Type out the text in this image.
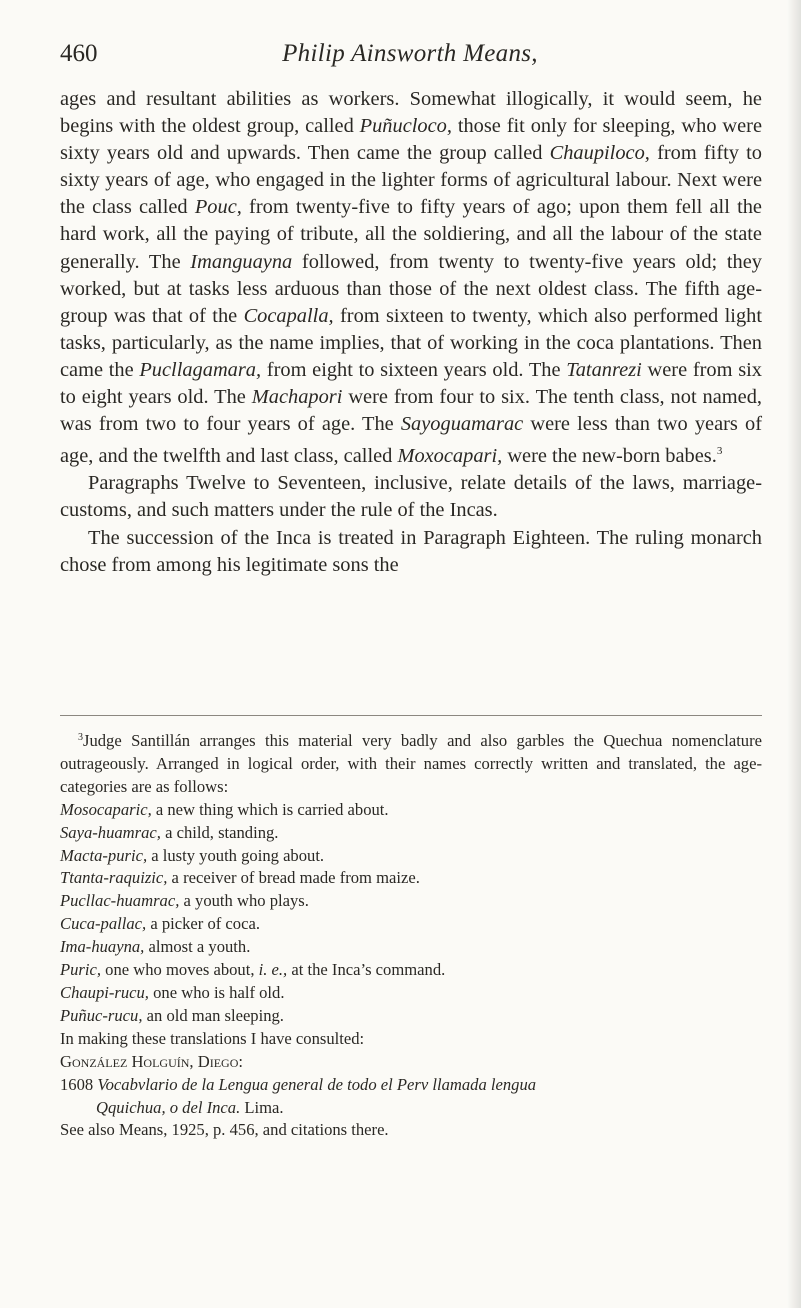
460	Philip Ainsworth Means,

ages and resultant abilities as workers. Somewhat illogically, it would seem, he begins with the oldest group, called Puñucloco, those fit only for sleeping, who were sixty years old and upwards. Then came the group called Chaupiloco, from fifty to sixty years of age, who engaged in the lighter forms of agricultural labour. Next were the class called Pouc, from twenty-five to fifty years of ago; upon them fell all the hard work, all the paying of tribute, all the soldiering, and all the labour of the state generally. The Imanguayna followed, from twenty to twenty-five years old; they worked, but at tasks less arduous than those of the next oldest class. The fifth age-group was that of the Cocapalla, from sixteen to twenty, which also performed light tasks, particularly, as the name implies, that of working in the coca plantations. Then came the Pucllagamara, from eight to sixteen years old. The Tatanrezi were from six to eight years old. The Machapori were from four to six. The tenth class, not named, was from two to four years of age. The Sayoguamarac were less than two years of age, and the twelfth and last class, called Moxocapari, were the new-born babes.$^3$

Paragraphs Twelve to Seventeen, inclusive, relate details of the laws, marriage-customs, and such matters under the rule of the Incas.

The succession of the Inca is treated in Paragraph Eighteen. The ruling monarch chose from among his legitimate sons the

$^3$Judge Santillán arranges this material very badly and also garbles the Quechua nomenclature outrageously. Arranged in logical order, with their names correctly written and translated, the age-categories are as follows:

Mosocaparic, a new thing which is carried about.

Saya-huamrac, a child, standing.

Macta-puric, a lusty youth going about.

Ttanta-raquizic, a receiver of bread made from maize.

Pucllac-huamrac, a youth who plays.

Cuca-pallac, a picker of coca.

Ima-huayna, almost a youth.

Puric, one who moves about, i. e., at the Inca’s command.

Chaupi-rucu, one who is half old.

Puñuc-rucu, an old man sleeping.

In making these translations I have consulted:

González Holguín, Diego:

1608 Vocabvlario de la Lengua general de todo el Perv llamada lengua
Qquichua, o del Inca. Lima.

See also Means, 1925, p. 456, and citations there.
